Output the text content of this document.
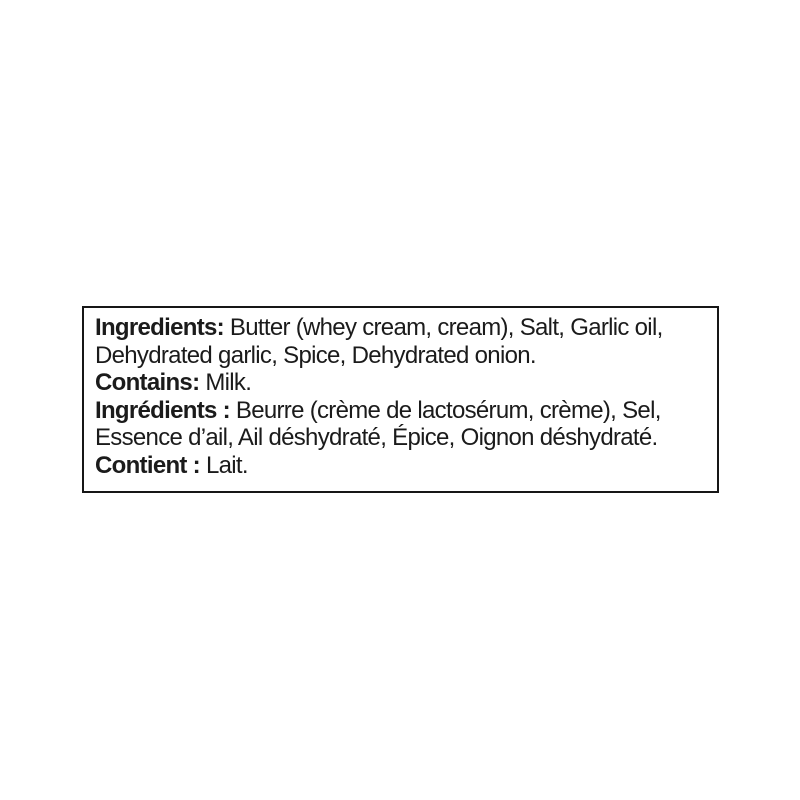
Ingredients: Butter (whey cream, cream), Salt, Garlic oil,
Dehydrated garlic, Spice, Dehydrated onion.
Contains: Milk.
Ingrédients : Beurre (crème de lactosérum, crème), Sel,
Essence d’ail, Ail déshydraté, Épice, Oignon déshydraté.
Contient : Lait.
